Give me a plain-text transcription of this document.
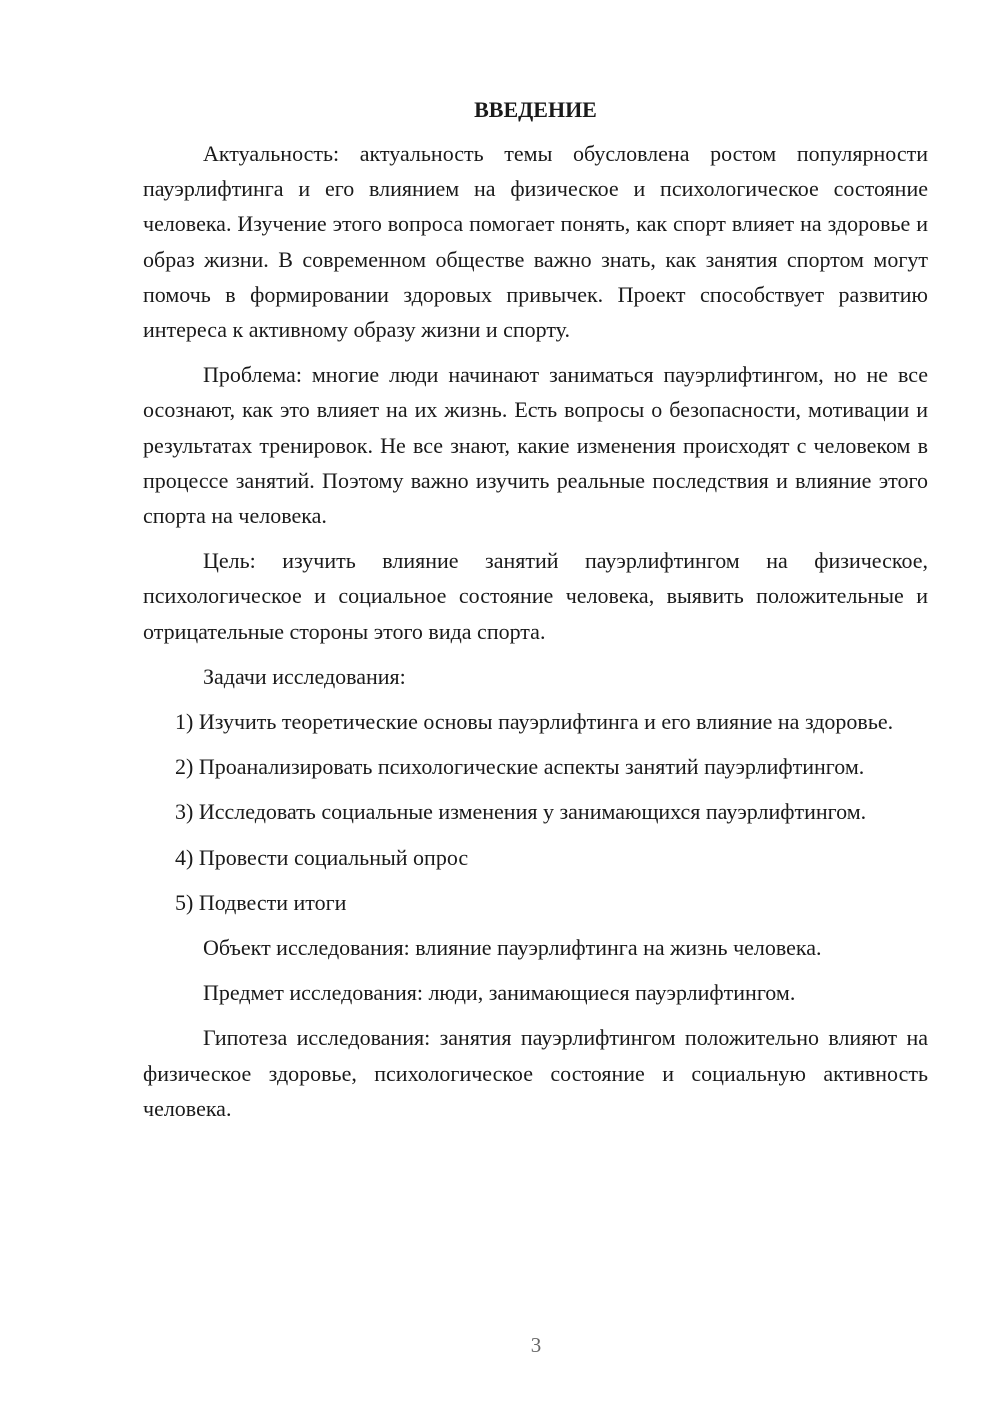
ВВЕДЕНИЕ

Актуальность: актуальность темы обусловлена ростом популярности пауэрлифтинга и его влиянием на физическое и психологическое состояние человека. Изучение этого вопроса помогает понять, как спорт влияет на здоровье и образ жизни. В современном обществе важно знать, как занятия спортом могут помочь в формировании здоровых привычек. Проект способствует развитию интереса к активному образу жизни и спорту.

Проблема: многие люди начинают заниматься пауэрлифтингом, но не все осознают, как это влияет на их жизнь. Есть вопросы о безопасности, мотивации и результатах тренировок. Не все знают, какие изменения происходят с человеком в процессе занятий. Поэтому важно изучить реальные последствия и влияние этого спорта на человека.

Цель: изучить влияние занятий пауэрлифтингом на физическое, психологическое и социальное состояние человека, выявить положительные и отрицательные стороны этого вида спорта.

Задачи исследования:

1) Изучить теоретические основы пауэрлифтинга и его влияние на здоровье.

2) Проанализировать психологические аспекты занятий пауэрлифтингом.

3) Исследовать социальные изменения у занимающихся пауэрлифтингом.

4) Провести социальный опрос

5) Подвести итоги

Объект исследования: влияние пауэрлифтинга на жизнь человека.

Предмет исследования: люди, занимающиеся пауэрлифтингом.

Гипотеза исследования: занятия пауэрлифтингом положительно влияют на физическое здоровье, психологическое состояние и социальную активность человека.

3
